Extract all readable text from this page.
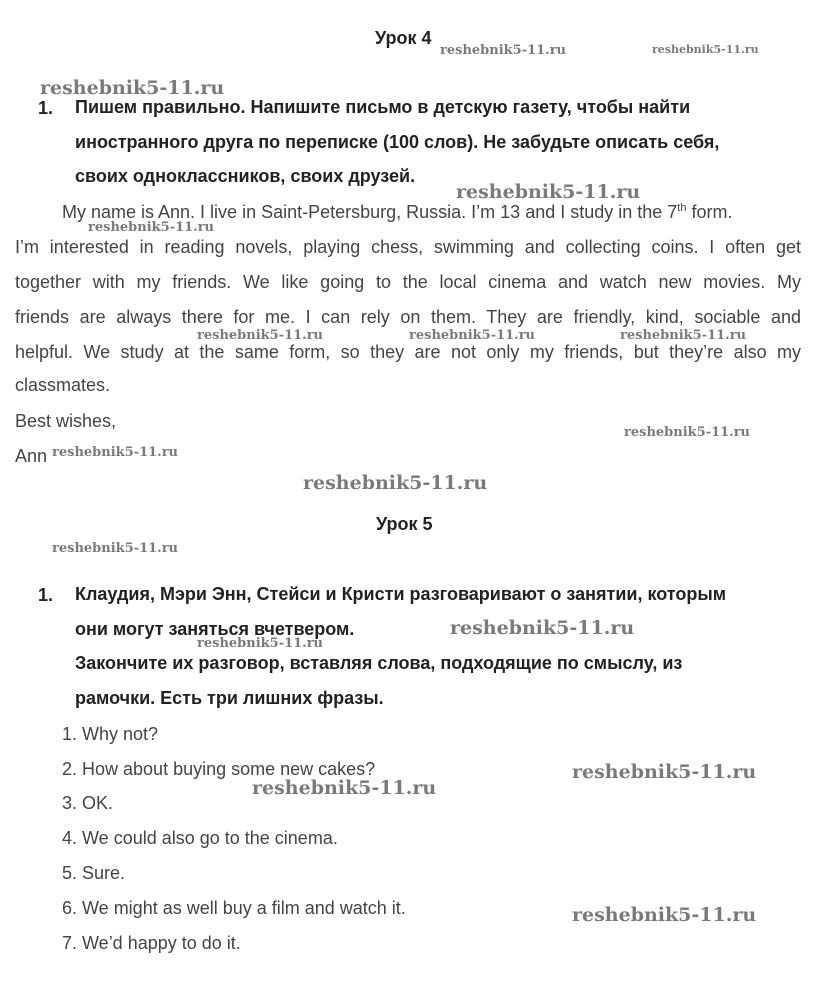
Урок 4
1. Пишем правильно. Напишите письмо в детскую газету, чтобы найти
иностранного друга по переписке (100 слов). Не забудьте описать себя,
своих одноклассников, своих друзей.
My name is Ann. I live in Saint-Petersburg, Russia. I’m 13 and I study in the 7th form.
I’m interested in reading novels, playing chess, swimming and collecting coins. I often get
together with my friends. We like going to the local cinema and watch new movies. My
friends are always there for me. I can rely on them. They are friendly, kind, sociable and
helpful. We study at the same form, so they are not only my friends, but they’re also my
classmates.
Best wishes,
Ann
Урок 5
1. Клаудия, Мэри Энн, Стейси и Кристи разговаривают о занятии, которым
они могут заняться вчетвером.
Закончите их разговор, вставляя слова, подходящие по смыслу, из
рамочки. Есть три лишних фразы.
1. Why not?
2. How about buying some new cakes?
3. OK.
4. We could also go to the cinema.
5. Sure.
6. We might as well buy a film and watch it.
7. We’d happy to do it.
reshebnik5-11.ru	reshebnik5-11.ru
reshebnik5-11.ru
reshebnik5-11.ru
reshebnik5-11.ru
reshebnik5-11.ru	reshebnik5-11.ru	reshebnik5-11.ru
reshebnik5-11.ru
reshebnik5-11.ru
reshebnik5-11.ru
reshebnik5-11.ru
reshebnik5-11.ru
reshebnik5-11.ru
reshebnik5-11.ru
reshebnik5-11.ru
reshebnik5-11.ru
